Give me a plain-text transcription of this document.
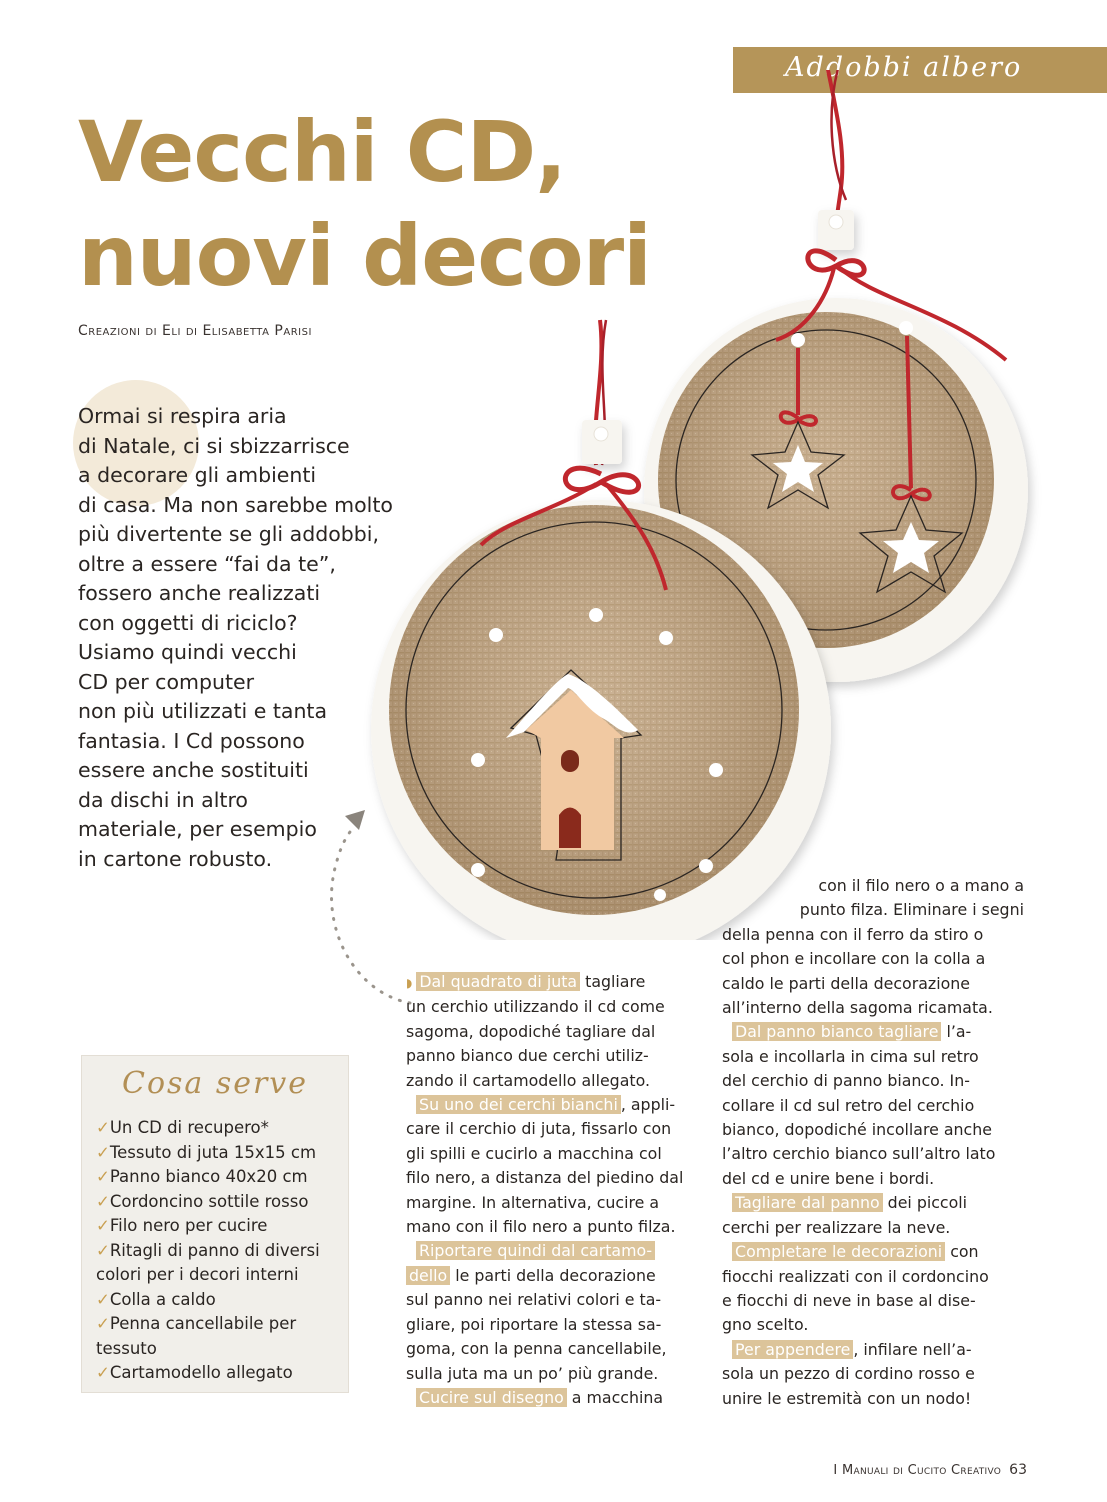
Addobbi albero
Vecchi CD,
nuovi decori
Creazioni di Eli di Elisabetta Parisi
Ormai si respira aria
di Natale, ci si sbizzarrisce
a decorare gli ambienti
di casa. Ma non sarebbe molto
più divertente se gli addobbi,
oltre a essere “fai da te”,
fossero anche realizzati
con oggetti di riciclo?
Usiamo quindi vecchi
CD per computer
non più utilizzati e tanta
fantasia. I Cd possono
essere anche sostituiti
da dischi in altro
materiale, per esempio
in cartone robusto.
Cosa serve
✓Un CD di recupero*
✓Tessuto di juta 15x15 cm
✓Panno bianco 40x20 cm
✓Cordoncino sottile rosso
✓Filo nero per cucire
✓Ritagli di panno di diversi
colori per i decori interni
✓Colla a caldo
✓Penna cancellabile per
tessuto
✓Cartamodello allegato
◗ Dal quadrato di juta tagliare
un cerchio utilizzando il cd come
sagoma, dopodiché tagliare dal
panno bianco due cerchi utiliz-
zando il cartamodello allegato.
Su uno dei cerchi bianchi , appli-
care il cerchio di juta, fissarlo con
gli spilli e cucirlo a macchina col
filo nero, a distanza del piedino dal
margine. In alternativa, cucire a
mano con il filo nero a punto filza.
Riportare quindi dal cartamo-
dello le parti della decorazione
sul panno nei relativi colori e ta-
gliare, poi riportare la stessa sa-
goma, con la penna cancellabile,
sulla juta ma un po’ più grande.
Cucire sul disegno a macchina
con il filo nero o a mano a
punto filza. Eliminare i segni
della penna con il ferro da stiro o
col phon e incollare con la colla a
caldo le parti della decorazione
all’interno della sagoma ricamata.
Dal panno bianco tagliare l’a-
sola e incollarla in cima sul retro
del cerchio di panno bianco. In-
collare il cd sul retro del cerchio
bianco, dopodiché incollare anche
l’altro cerchio bianco sull’altro lato
del cd e unire bene i bordi.
Tagliare dal panno dei piccoli
cerchi per realizzare la neve.
Completare le decorazioni con
fiocchi realizzati con il cordoncino
e fiocchi di neve in base al dise-
gno scelto.
Per appendere , infilare nell’a-
sola un pezzo di cordino rosso e
unire le estremità con un nodo!
I Manuali di Cucito Creativo 63
